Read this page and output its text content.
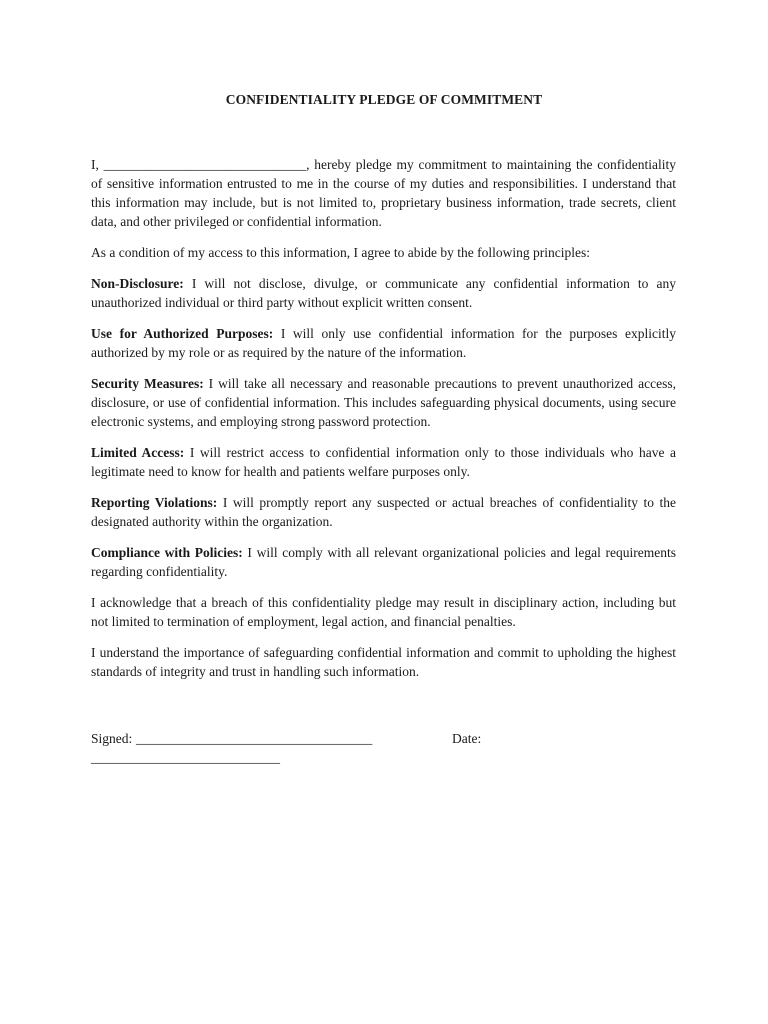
CONFIDENTIALITY PLEDGE OF COMMITMENT

I, ______________________________, hereby pledge my commitment to maintaining the confidentiality of sensitive information entrusted to me in the course of my duties and responsibilities. I understand that this information may include, but is not limited to, proprietary business information, trade secrets, client data, and other privileged or confidential information.

As a condition of my access to this information, I agree to abide by the following principles:

Non-Disclosure: I will not disclose, divulge, or communicate any confidential information to any unauthorized individual or third party without explicit written consent.

Use for Authorized Purposes: I will only use confidential information for the purposes explicitly authorized by my role or as required by the nature of the information.

Security Measures: I will take all necessary and reasonable precautions to prevent unauthorized access, disclosure, or use of confidential information. This includes safeguarding physical documents, using secure electronic systems, and employing strong password protection.

Limited Access: I will restrict access to confidential information only to those individuals who have a legitimate need to know for health and patients welfare purposes only.

Reporting Violations: I will promptly report any suspected or actual breaches of confidentiality to the designated authority within the organization.

Compliance with Policies: I will comply with all relevant organizational policies and legal requirements regarding confidentiality.

I acknowledge that a breach of this confidentiality pledge may result in disciplinary action, including but not limited to termination of employment, legal action, and financial penalties.

I understand the importance of safeguarding confidential information and commit to upholding the highest standards of integrity and trust in handling such information.

Signed: ___________________________________	Date:
____________________________
